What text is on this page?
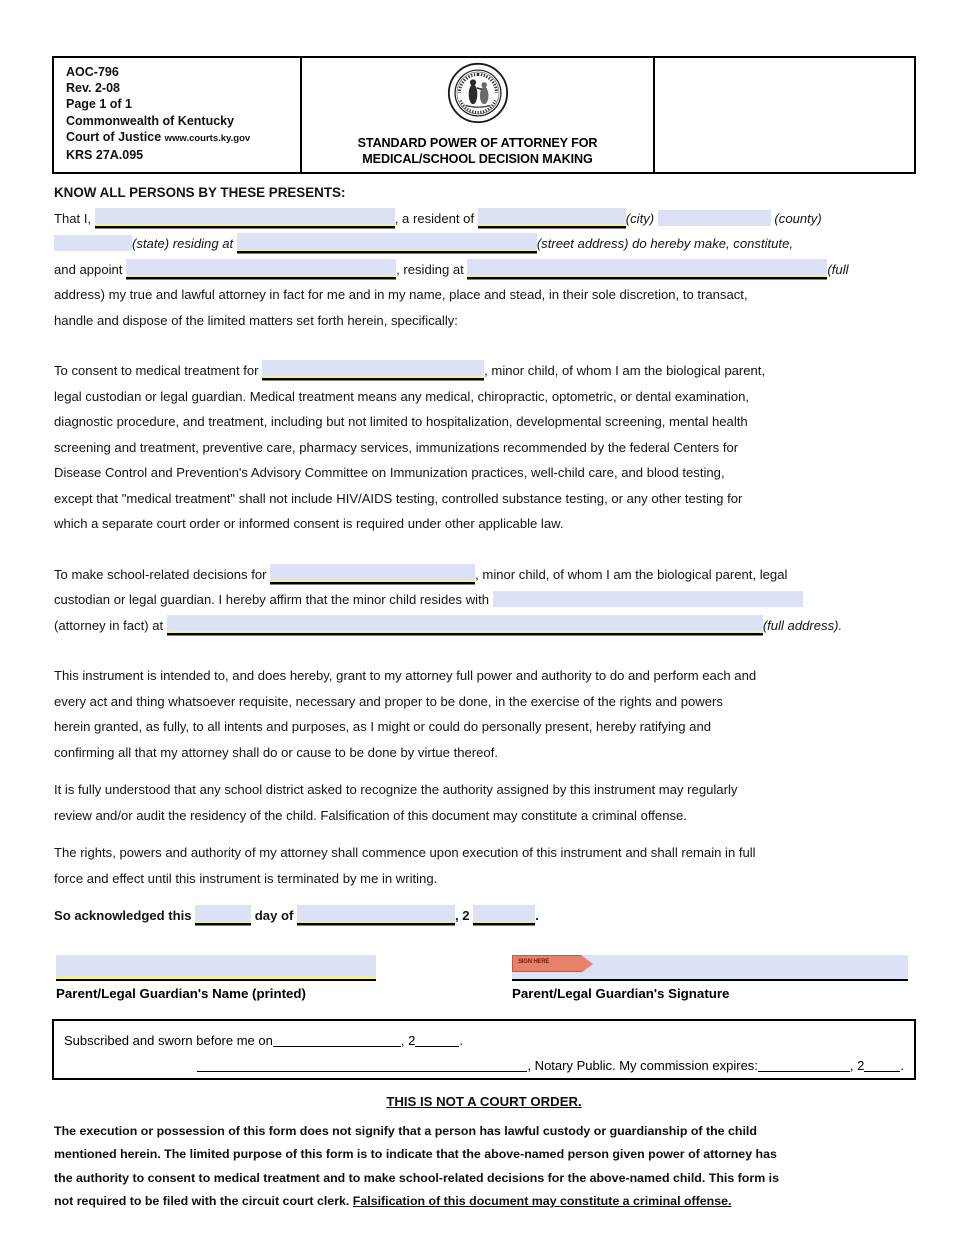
AOC-796
Rev. 2-08
Page 1 of 1
Commonwealth of Kentucky
Court of Justice www.courts.ky.gov
KRS 27A.095
STANDARD POWER OF ATTORNEY FOR
MEDICAL/SCHOOL DECISION MAKING
KNOW ALL PERSONS BY THESE PRESENTS:
That I,	, a resident of	(city)	(county)
(state) residing at	(street address) do hereby make, constitute,
and appoint	, residing at	(full
address) my true and lawful attorney in fact for me and in my name, place and stead, in their sole discretion, to transact,
handle and dispose of the limited matters set forth herein, specifically:
To consent to medical treatment for	, minor child, of whom I am the biological parent,
legal custodian or legal guardian. Medical treatment means any medical, chiropractic, optometric, or dental examination,
diagnostic procedure, and treatment, including but not limited to hospitalization, developmental screening, mental health
screening and treatment, preventive care, pharmacy services, immunizations recommended by the federal Centers for
Disease Control and Prevention's Advisory Committee on Immunization practices, well-child care, and blood testing,
except that "medical treatment" shall not include HIV/AIDS testing, controlled substance testing, or any other testing for
which a separate court order or informed consent is required under other applicable law.
To make school-related decisions for	, minor child, of whom I am the biological parent, legal
custodian or legal guardian. I hereby affirm that the minor child resides with
(attorney in fact) at	(full address).
This instrument is intended to, and does hereby, grant to my attorney full power and authority to do and perform each and
every act and thing whatsoever requisite, necessary and proper to be done, in the exercise of the rights and powers
herein granted, as fully, to all intents and purposes, as I might or could do personally present, hereby ratifying and
confirming all that my attorney shall do or cause to be done by virtue thereof.
It is fully understood that any school district asked to recognize the authority assigned by this instrument may regularly
review and/or audit the residency of the child. Falsification of this document may constitute a criminal offense.
The rights, powers and authority of my attorney shall commence upon execution of this instrument and shall remain in full
force and effect until this instrument is terminated by me in writing.
So acknowledged this	day of	, 2	.
Parent/Legal Guardian's Name (printed)
SIGN HERE
Parent/Legal Guardian's Signature
Subscribed and sworn before me on	, 2	.
, Notary Public. My commission expires:	, 2	.
THIS IS NOT A COURT ORDER.
The execution or possession of this form does not signify that a person has lawful custody or guardianship of the child
mentioned herein. The limited purpose of this form is to indicate that the above-named person given power of attorney has
the authority to consent to medical treatment and to make school-related decisions for the above-named child. This form is
not required to be filed with the circuit court clerk. Falsification of this document may constitute a criminal offense.
